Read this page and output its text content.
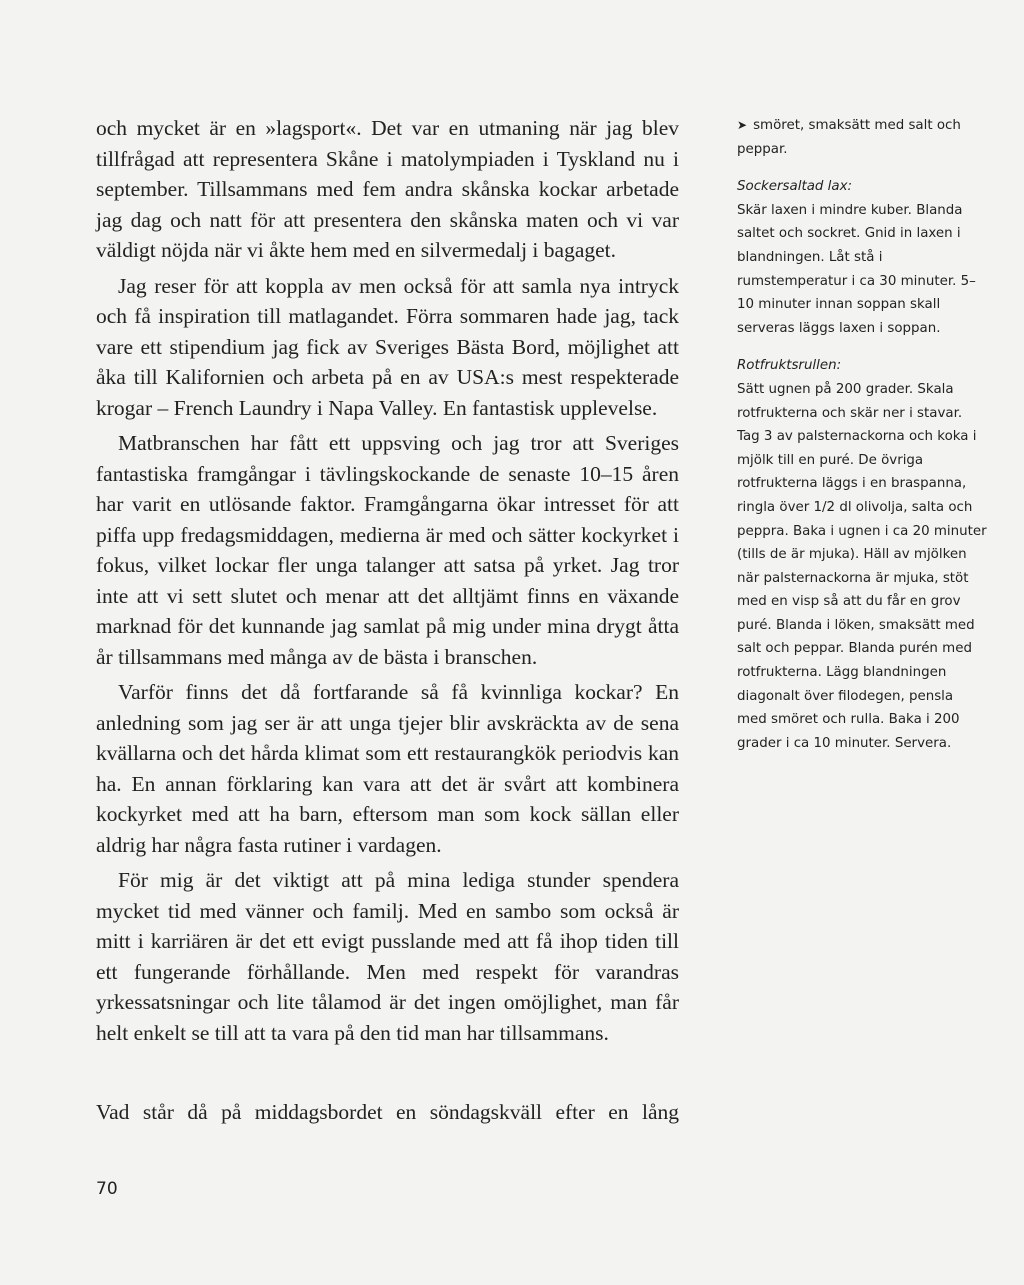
och mycket är en »lagsport«. Det var en utmaning när jag blev tillfrågad att representera Skåne i matolympiaden i Tyskland nu i september. Tillsammans med fem andra skånska kockar arbetade jag dag och natt för att presentera den skånska maten och vi var väldigt nöjda när vi åkte hem med en silvermedalj i bagaget.

Jag reser för att koppla av men också för att samla nya intryck och få inspiration till matlagandet. Förra sommaren hade jag, tack vare ett stipendium jag fick av Sveriges Bästa Bord, möjlighet att åka till Kalifornien och arbeta på en av USA:s mest respekterade krogar – French Laundry i Napa Valley. En fantastisk upplevelse.

Matbranschen har fått ett uppsving och jag tror att Sveriges fantastiska framgångar i tävlingskockande de senaste 10–15 åren har varit en utlösande faktor. Framgångarna ökar intresset för att piffa upp fredagsmiddagen, medierna är med och sätter kockyrket i fokus, vilket lockar fler unga talanger att satsa på yrket. Jag tror inte att vi sett slutet och menar att det alltjämt finns en växande marknad för det kunnande jag samlat på mig under mina drygt åtta år tillsammans med många av de bästa i branschen.

Varför finns det då fortfarande så få kvinnliga kockar? En anledning som jag ser är att unga tjejer blir avskräckta av de sena kvällarna och det hårda klimat som ett restaurangkök periodvis kan ha. En annan förklaring kan vara att det är svårt att kombinera kockyrket med att ha barn, eftersom man som kock sällan eller aldrig har några fasta rutiner i vardagen.

För mig är det viktigt att på mina lediga stunder spendera mycket tid med vänner och familj. Med en sambo som också är mitt i karriären är det ett evigt pusslande med att få ihop tiden till ett fungerande förhållande. Men med respekt för varandras yrkessatsningar och lite tålamod är det ingen omöjlighet, man får helt enkelt se till att ta vara på den tid man har tillsammans.

Vad står då på middagsbordet en söndagskväll efter en lång

➤ smöret, smaksätt med salt och peppar.

Sockersaltad lax:

Skär laxen i mindre kuber. Blanda saltet och sockret. Gnid in laxen i blandningen. Låt stå i rumstemperatur i ca 30 minuter. 5–10 minuter innan soppan skall serveras läggs laxen i soppan.

Rotfruktsrullen:

Sätt ugnen på 200 grader. Skala rotfrukterna och skär ner i stavar. Tag 3 av palsternackorna och koka i mjölk till en puré. De övriga rotfrukterna läggs i en braspanna, ringla över 1/2 dl olivolja, salta och peppra. Baka i ugnen i ca 20 minuter (tills de är mjuka). Häll av mjölken när palsternackorna är mjuka, stöt med en visp så att du får en grov puré. Blanda i löken, smaksätt med salt och peppar. Blanda purén med rotfrukterna. Lägg blandningen diagonalt över filodegen, pensla med smöret och rulla. Baka i 200 grader i ca 10 minuter. Servera.

70
